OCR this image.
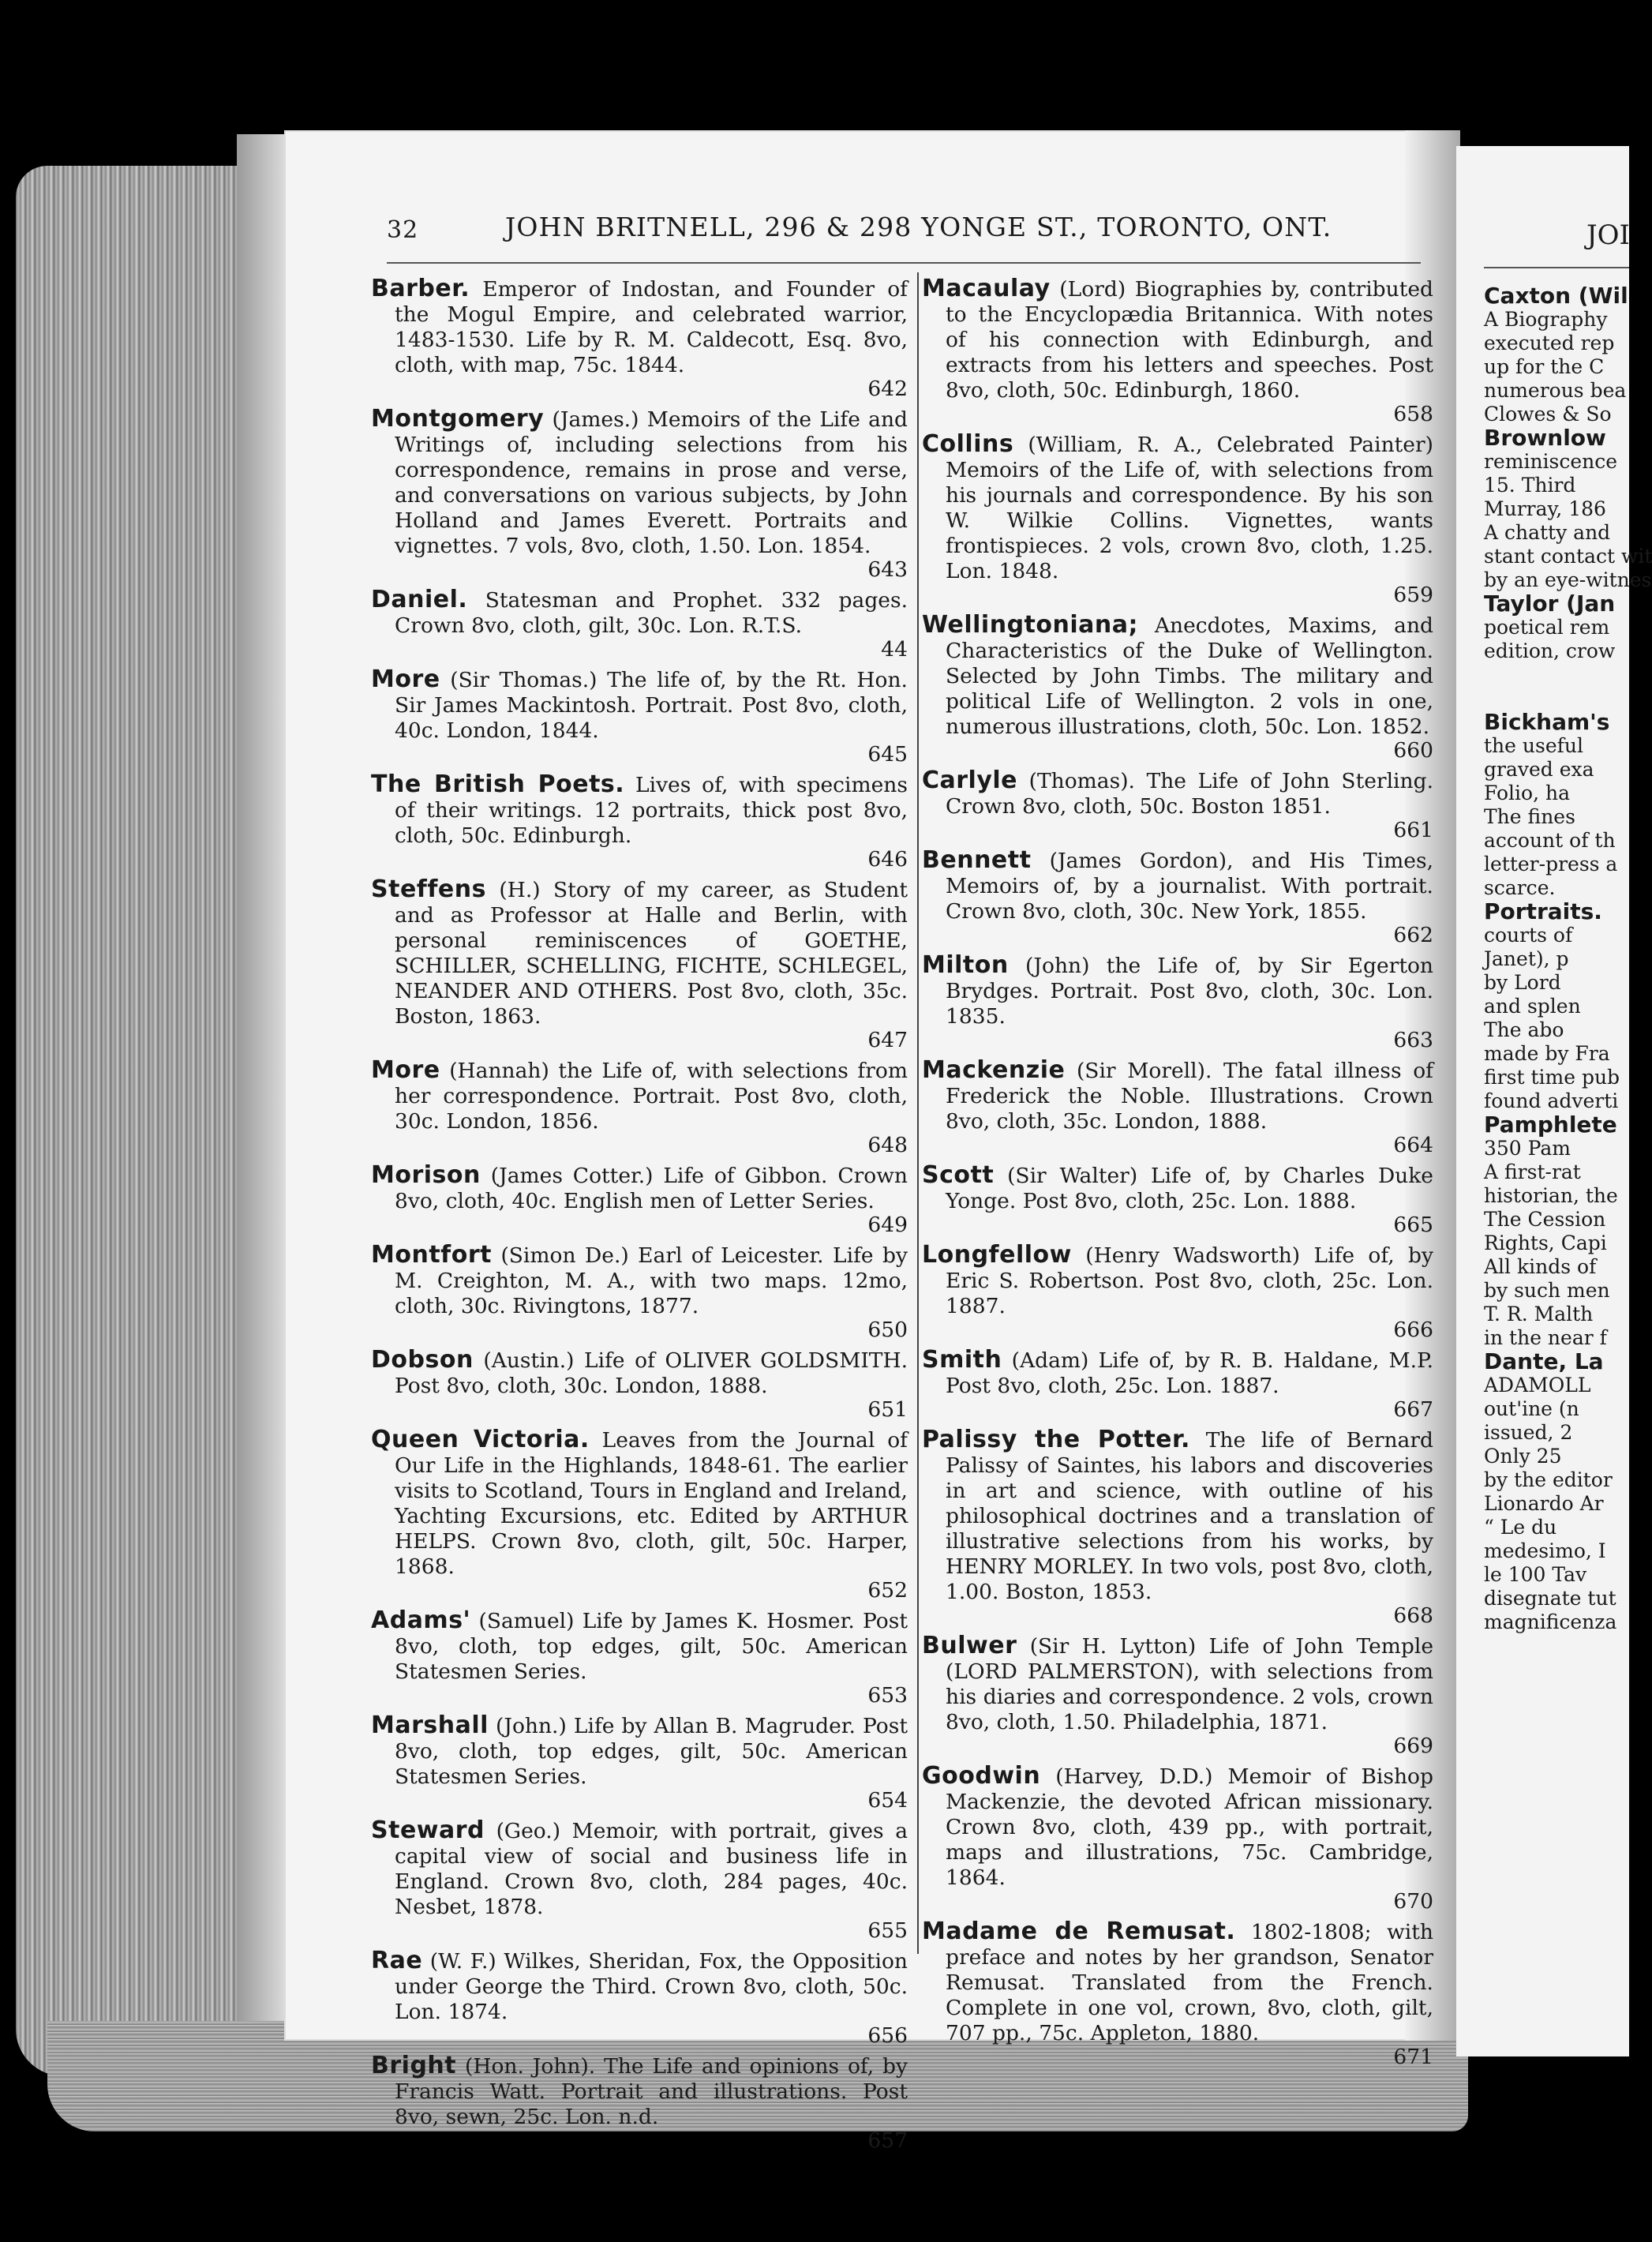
32	JOHN BRITNELL, 296 & 298 YONGE ST., TORONTO, ONT.
Barber. Emperor of Indostan, and Founder of the Mogul Empire, and celebrated warrior, 1483-1530. Life by R. M. Caldecott, Esq. 8vo, cloth, with map, 75c. 1844.
642
Montgomery (James.) Memoirs of the Life and Writings of, including selections from his correspondence, remains in prose and verse, and conversations on various subjects, by John Holland and James Everett. Portraits and vignettes. 7 vols, 8vo, cloth, 1.50. Lon. 1854.
643
Daniel. Statesman and Prophet. 332 pages. Crown 8vo, cloth, gilt, 30c. Lon. R.T.S.
44
More (Sir Thomas.) The life of, by the Rt. Hon. Sir James Mackintosh. Portrait. Post 8vo, cloth, 40c. London, 1844.
645
The British Poets. Lives of, with specimens of their writings. 12 portraits, thick post 8vo, cloth, 50c. Edinburgh.
646
Steffens (H.) Story of my career, as Student and as Professor at Halle and Berlin, with personal reminiscences of GOETHE, SCHILLER, SCHELLING, FICHTE, SCHLEGEL, NEANDER AND OTHERS. Post 8vo, cloth, 35c. Boston, 1863.
647
More (Hannah) the Life of, with selections from her correspondence. Portrait. Post 8vo, cloth, 30c. London, 1856.
648
Morison (James Cotter.) Life of Gibbon. Crown 8vo, cloth, 40c. English men of Letter Series.
649
Montfort (Simon De.) Earl of Leicester. Life by M. Creighton, M. A., with two maps. 12mo, cloth, 30c. Rivingtons, 1877.
650
Dobson (Austin.) Life of OLIVER GOLDSMITH. Post 8vo, cloth, 30c. London, 1888.
651
Queen Victoria. Leaves from the Journal of Our Life in the Highlands, 1848-61. The earlier visits to Scotland, Tours in England and Ireland, Yachting Excursions, etc. Edited by ARTHUR HELPS. Crown 8vo, cloth, gilt, 50c. Harper, 1868.
652
Adams' (Samuel) Life by James K. Hosmer. Post 8vo, cloth, top edges, gilt, 50c. American Statesmen Series.
653
Marshall (John.) Life by Allan B. Magruder. Post 8vo, cloth, top edges, gilt, 50c. American Statesmen Series.
654
Steward (Geo.) Memoir, with portrait, gives a capital view of social and business life in England. Crown 8vo, cloth, 284 pages, 40c. Nesbet, 1878.
655
Rae (W. F.) Wilkes, Sheridan, Fox, the Opposition under George the Third. Crown 8vo, cloth, 50c. Lon. 1874.
656
Bright (Hon. John). The Life and opinions of, by Francis Watt. Portrait and illustrations. Post 8vo, sewn, 25c. Lon. n.d.
657
Macaulay (Lord) Biographies by, contributed to the Encyclopædia Britannica. With notes of his connection with Edinburgh, and extracts from his letters and speeches. Post 8vo, cloth, 50c. Edinburgh, 1860.
658
Collins (William, R. A., Celebrated Painter) Memoirs of the Life of, with selections from his journals and correspondence. By his son W. Wilkie Collins. Vignettes, wants frontispieces. 2 vols, crown 8vo, cloth, 1.25. Lon. 1848.
659
Wellingtoniana; Anecdotes, Maxims, and Characteristics of the Duke of Wellington. Selected by John Timbs. The military and political Life of Wellington. 2 vols in one, numerous illustrations, cloth, 50c. Lon. 1852.
660
Carlyle (Thomas). The Life of John Sterling. Crown 8vo, cloth, 50c. Boston 1851.
661
Bennett (James Gordon), and His Times, Memoirs of, by a journalist. With portrait. Crown 8vo, cloth, 30c. New York, 1855.
662
Milton (John) the Life of, by Sir Egerton Brydges. Portrait. Post 8vo, cloth, 30c. Lon. 1835.
663
Mackenzie (Sir Morell). The fatal illness of Frederick the Noble. Illustrations. Crown 8vo, cloth, 35c. London, 1888.
664
Scott (Sir Walter) Life of, by Charles Duke Yonge. Post 8vo, cloth, 25c. Lon. 1888.
665
Longfellow (Henry Wadsworth) Life of, by Eric S. Robertson. Post 8vo, cloth, 25c. Lon. 1887.
666
Smith (Adam) Life of, by R. B. Haldane, M.P. Post 8vo, cloth, 25c. Lon. 1887.
667
Palissy the Potter. The life of Bernard Palissy of Saintes, his labors and discoveries in art and science, with outline of his philosophical doctrines and a translation of illustrative selections from his works, by HENRY MORLEY. In two vols, post 8vo, cloth, 1.00. Boston, 1853.
668
Bulwer (Sir H. Lytton) Life of John Temple (LORD PALMERSTON), with selections from his diaries and correspondence. 2 vols, crown 8vo, cloth, 1.50. Philadelphia, 1871.
669
Goodwin (Harvey, D.D.) Memoir of Bishop Mackenzie, the devoted African missionary. Crown 8vo, cloth, 439 pp., with portrait, maps and illustrations, 75c. Cambridge, 1864.
670
Madame de Remusat. 1802-1808; with preface and notes by her grandson, Senator Remusat. Translated from the French. Complete in one vol, crown, 8vo, cloth, gilt, 707 pp., 75c. Appleton, 1880.
671
JOI
Caxton (Wil
A Biography
executed rep
up for the C
numerous bea
Clowes & So
Brownlow
reminiscence
15. Third
Murray, 186
A chatty and
stant contact wit
by an eye-witnes
Taylor (Jan
poetical rem
edition, crow
Bickham's
the useful
graved exa
Folio, ha
The fines
account of th
letter-press a
scarce.
Portraits.
courts of
Janet), p
by Lord
and splen
The abo
made by Fra
first time pub
found adverti
Pamphlete
350 Pam
A first-rat
historian, the
The Cession
Rights, Capi
All kinds of
by such men
T. R. Malth
in the near f
Dante, La
ADAMOLL
out'ine (n
issued, 2
Only 25
by the editor
Lionardo Ar
“ Le du
medesimo, I
le 100 Tav
disegnate tut
magnificenza
